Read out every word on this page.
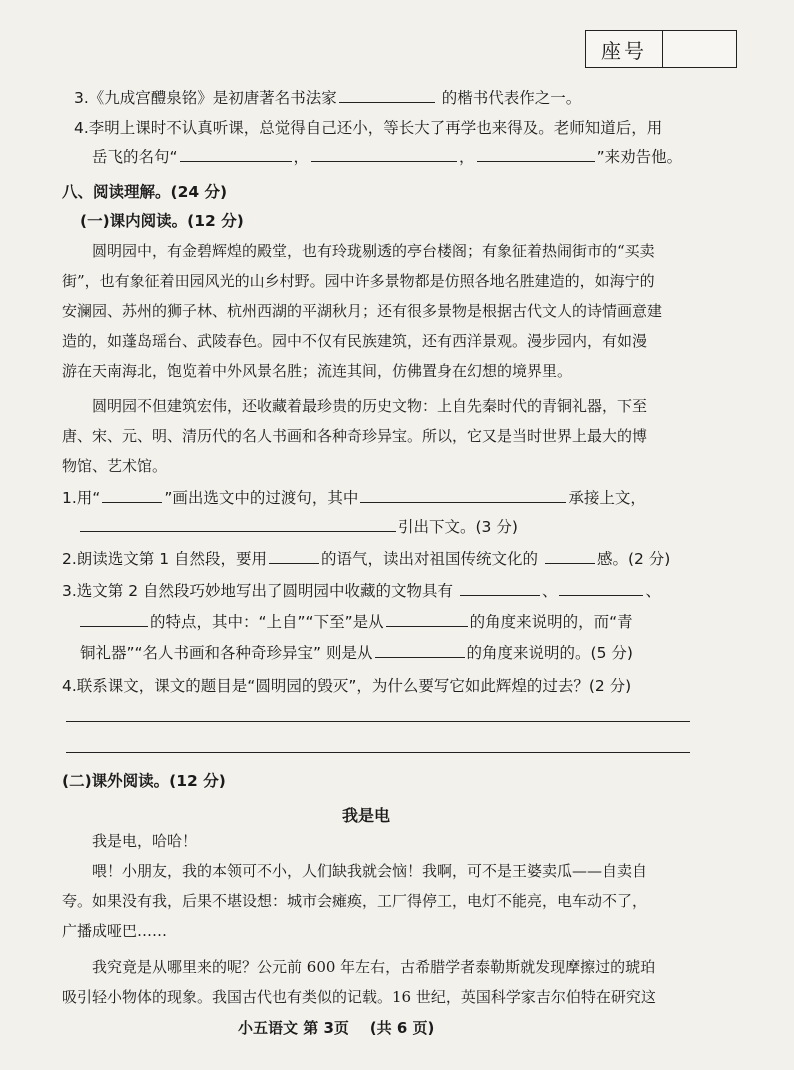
座号
3.《九成宫醴泉铭》是初唐著名书法家	的楷书代表作之一。
4.李明上课时不认真听课，总觉得自己还小，等长大了再学也来得及。老师知道后，用
岳飞的名句“	，	，	”来劝告他。
八、阅读理解。(24 分)
(一)课内阅读。(12 分)
圆明园中，有金碧辉煌的殿堂，也有玲珑剔透的亭台楼阁；有象征着热闹街市的“买卖
街”，也有象征着田园风光的山乡村野。园中许多景物都是仿照各地名胜建造的，如海宁的
安澜园、苏州的狮子林、杭州西湖的平湖秋月；还有很多景物是根据古代文人的诗情画意建
造的，如蓬岛瑶台、武陵春色。园中不仅有民族建筑，还有西洋景观。漫步园内，有如漫
游在天南海北，饱览着中外风景名胜；流连其间，仿佛置身在幻想的境界里。
圆明园不但建筑宏伟，还收藏着最珍贵的历史文物：上自先秦时代的青铜礼器，下至
唐、宋、元、明、清历代的名人书画和各种奇珍异宝。所以，它又是当时世界上最大的博
物馆、艺术馆。
1.用“	”画出选文中的过渡句，其中	承接上文，
引出下文。(3 分)
2.朗读选文第 1 自然段，要用	的语气，读出对祖国传统文化的	感。(2 分)
3.选文第 2 自然段巧妙地写出了圆明园中收藏的文物具有	、	、
的特点，其中：“上自”“下至”是从	的角度来说明的，而“青
铜礼器”“名人书画和各种奇珍异宝” 则是从	的角度来说明的。(5 分)
4.联系课文，课文的题目是“圆明园的毁灭”，为什么要写它如此辉煌的过去？(2 分)
(二)课外阅读。(12 分)
我是电
我是电，哈哈！
喂！小朋友，我的本领可不小，人们缺我就会恼！我啊，可不是王婆卖瓜——自卖自
夸。如果没有我，后果不堪设想：城市会瘫痪，工厂得停工，电灯不能亮，电车动不了，
广播成哑巴……
我究竟是从哪里来的呢？公元前 600 年左右，古希腊学者泰勒斯就发现摩擦过的琥珀
吸引轻小物体的现象。我国古代也有类似的记载。16 世纪，英国科学家吉尔伯特在研究这
小五语文 第 3页    (共 6 页)
